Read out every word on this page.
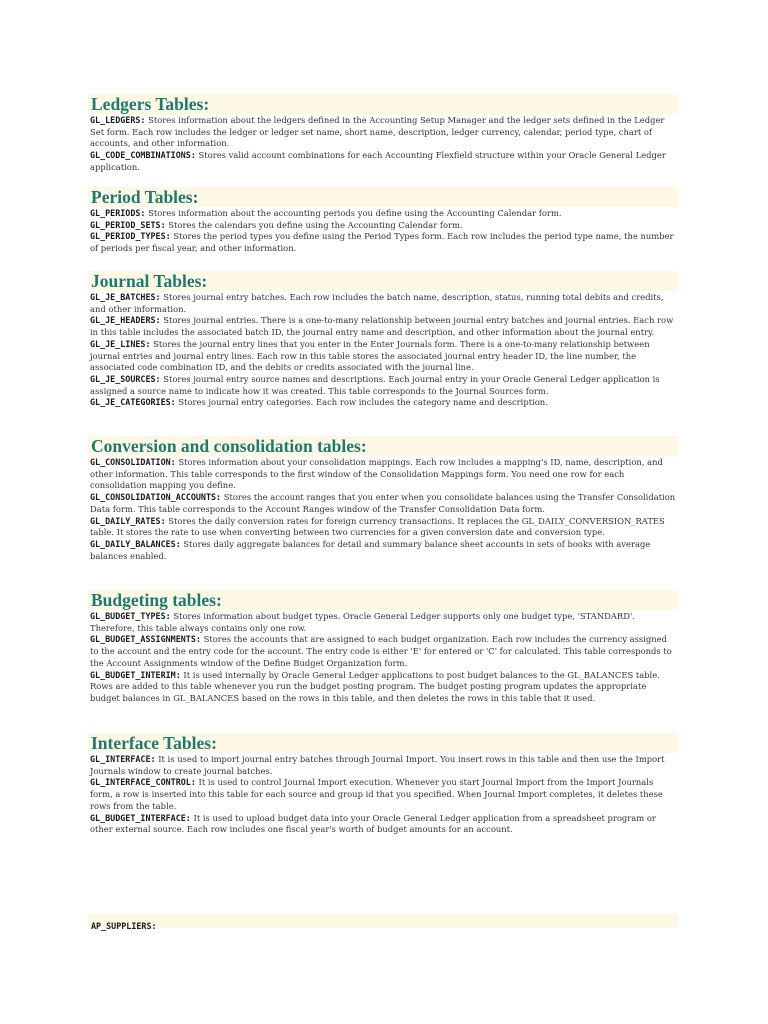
Ledgers Tables:

GL_LEDGERS: Stores information about the ledgers defined in the Accounting Setup Manager and the ledger sets defined in the Ledger Set form. Each row includes the ledger or ledger set name, short name, description, ledger currency, calendar, period type, chart of accounts, and other information.

GL_CODE_COMBINATIONS: Stores valid account combinations for each Accounting Flexfield structure within your Oracle General Ledger application.

Period Tables:

GL_PERIODS: Stores information about the accounting periods you define using the Accounting Calendar form.

GL_PERIOD_SETS: Stores the calendars you define using the Accounting Calendar form.

GL_PERIOD_TYPES: Stores the period types you define using the Period Types form. Each row includes the period type name, the number of periods per fiscal year, and other information.

Journal Tables:

GL_JE_BATCHES: Stores journal entry batches. Each row includes the batch name, description, status, running total debits and credits, and other information.

GL_JE_HEADERS: Stores journal entries. There is a one-to-many relationship between journal entry batches and journal entries. Each row in this table includes the associated batch ID, the journal entry name and description, and other information about the journal entry.

GL_JE_LINES: Stores the journal entry lines that you enter in the Enter Journals form. There is a one-to-many relationship between journal entries and journal entry lines. Each row in this table stores the associated journal entry header ID, the line number, the associated code combination ID, and the debits or credits associated with the journal line.

GL_JE_SOURCES: Stores journal entry source names and descriptions. Each journal entry in your Oracle General Ledger application is assigned a source name to indicate how it was created. This table corresponds to the Journal Sources form.

GL_JE_CATEGORIES: Stores journal entry categories. Each row includes the category name and description.

Conversion and consolidation tables:

GL_CONSOLIDATION: Stores information about your consolidation mappings. Each row includes a mapping's ID, name, description, and other information. This table corresponds to the first window of the Consolidation Mappings form. You need one row for each consolidation mapping you define.

GL_CONSOLIDATION_ACCOUNTS: Stores the account ranges that you enter when you consolidate balances using the Transfer Consolidation Data form. This table corresponds to the Account Ranges window of the Transfer Consolidation Data form.

GL_DAILY_RATES: Stores the daily conversion rates for foreign currency transactions. It replaces the GL_DAILY_CONVERSION_RATES table. It stores the rate to use when converting between two currencies for a given conversion date and conversion type.

GL_DAILY_BALANCES: Stores daily aggregate balances for detail and summary balance sheet accounts in sets of books with average balances enabled.

Budgeting tables:

GL_BUDGET_TYPES: Stores information about budget types. Oracle General Ledger supports only one budget type, 'STANDARD'. Therefore, this table always contains only one row.

GL_BUDGET_ASSIGNMENTS: Stores the accounts that are assigned to each budget organization. Each row includes the currency assigned to the account and the entry code for the account. The entry code is either 'E' for entered or 'C' for calculated. This table corresponds to the Account Assignments window of the Define Budget Organization form.

GL_BUDGET_INTERIM: It is used internally by Oracle General Ledger applications to post budget balances to the GL_BALANCES table. Rows are added to this table whenever you run the budget posting program. The budget posting program updates the appropriate budget balances in GL_BALANCES based on the rows in this table, and then deletes the rows in this table that it used.

Interface Tables:

GL_INTERFACE: It is used to import journal entry batches through Journal Import. You insert rows in this table and then use the Import Journals window to create journal batches.

GL_INTERFACE_CONTROL: It is used to control Journal Import execution. Whenever you start Journal Import from the Import Journals form, a row is inserted into this table for each source and group id that you specified. When Journal Import completes, it deletes these rows from the table.

GL_BUDGET_INTERFACE: It is used to upload budget data into your Oracle General Ledger application from a spreadsheet program or other external source. Each row includes one fiscal year's worth of budget amounts for an account.

AP_SUPPLIERS:
